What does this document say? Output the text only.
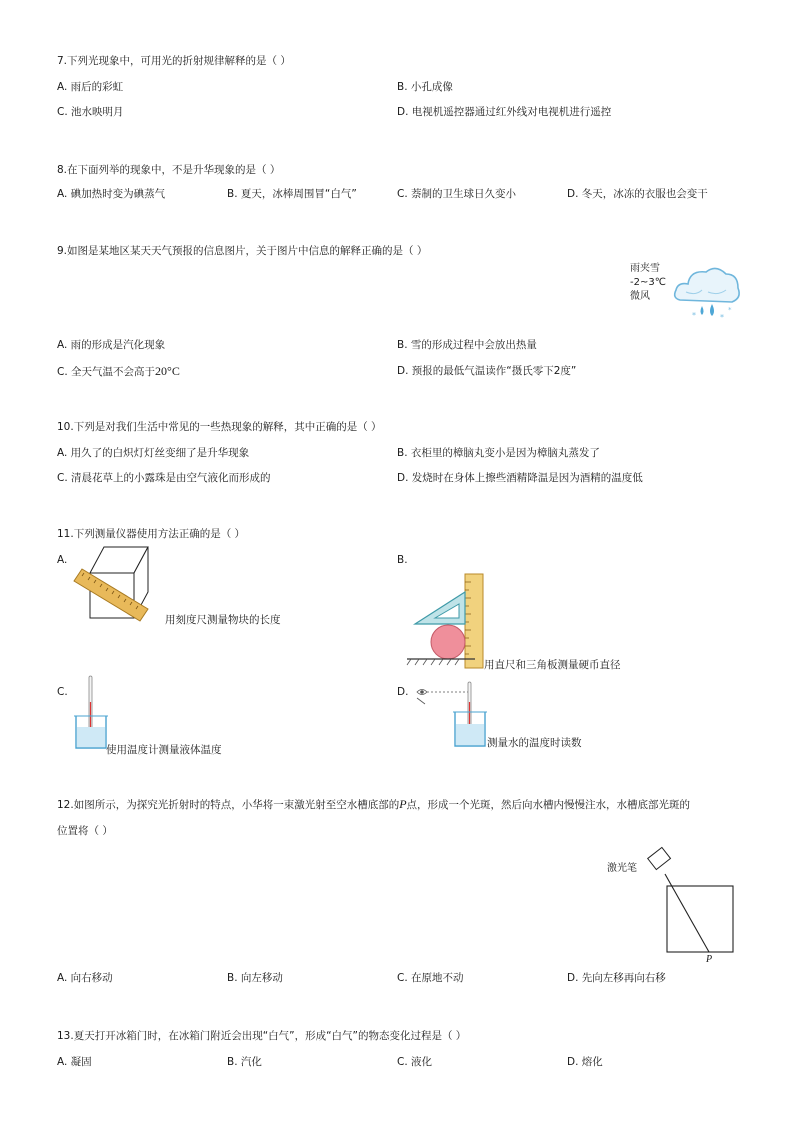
7.下列光现象中，可用光的折射规律解释的是（ ）
A. 雨后的彩虹	B. 小孔成像
C. 池水映明月	D. 电视机遥控器通过红外线对电视机进行遥控
8.在下面列举的现象中，不是升华现象的是（ ）
A. 碘加热时变为碘蒸气	B. 夏天，冰棒周围冒“白气”	C. 萘制的卫生球日久变小	D. 冬天，冰冻的衣服也会变干
9.如图是某地区某天天气预报的信息图片，关于图片中信息的解释正确的是（ ）
雨夹雪
-2~3℃
微风
*	*
*
A. 雨的形成是汽化现象	B. 雪的形成过程中会放出热量
C. 全天气温不会高于20°C	D. 预报的最低气温读作“摄氏零下2度”
10.下列是对我们生活中常见的一些热现象的解释，其中正确的是（ ）
A. 用久了的白炽灯灯丝变细了是升华现象	B. 衣柜里的樟脑丸变小是因为樟脑丸蒸发了
C. 清晨花草上的小露珠是由空气液化而形成的	D. 发烧时在身体上擦些酒精降温是因为酒精的温度低
11.下列测量仪器使用方法正确的是（ ）
A.
用刻度尺测量物块的长度
B.
用直尺和三角板测量硬币直径
C.
使用温度计测量液体温度
D.
测量水的温度时读数
12.如图所示，为探究光折射时的特点，小华将一束激光射至空水槽底部的P点，形成一个光斑，然后向水槽内慢慢注水，水槽底部光斑的
位置将（ ）
激光笔
P
A. 向右移动	B. 向左移动	C. 在原地不动	D. 先向左移再向右移
13.夏天打开冰箱门时，在冰箱门附近会出现“白气”，形成“白气”的物态变化过程是（ ）
A. 凝固	B. 汽化	C. 液化	D. 熔化
